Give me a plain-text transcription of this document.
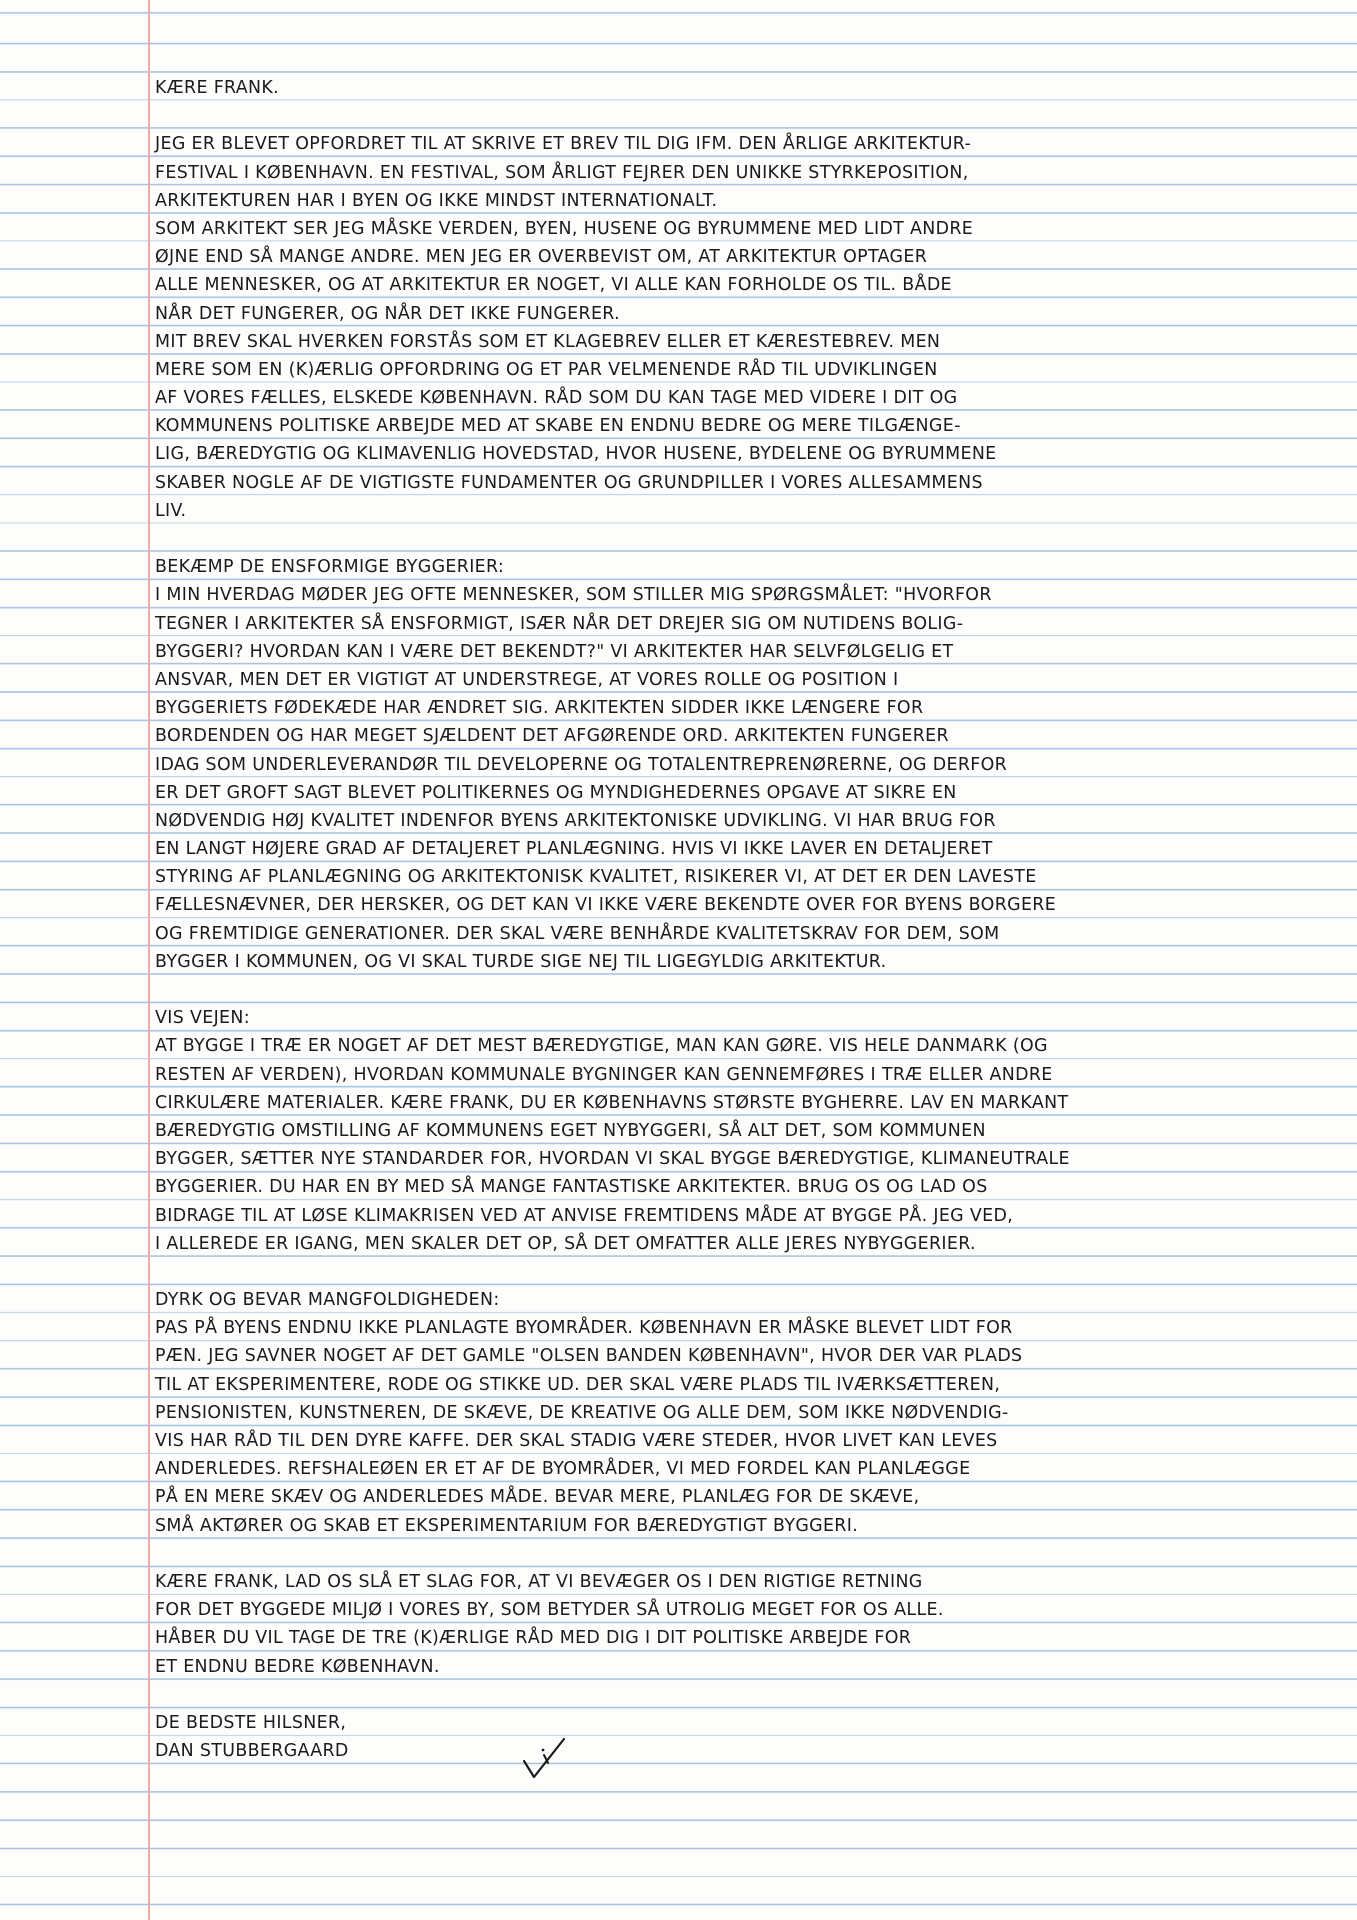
KÆRE FRANK.
JEG ER BLEVET OPFORDRET TIL AT SKRIVE ET BREV TIL DIG IFM. DEN ÅRLIGE ARKITEKTUR-
FESTIVAL I KØBENHAVN. EN FESTIVAL, SOM ÅRLIGT FEJRER DEN UNIKKE STYRKEPOSITION,
ARKITEKTUREN HAR I BYEN OG IKKE MINDST INTERNATIONALT.
SOM ARKITEKT SER JEG MÅSKE VERDEN, BYEN, HUSENE OG BYRUMMENE MED LIDT ANDRE
ØJNE END SÅ MANGE ANDRE. MEN JEG ER OVERBEVIST OM, AT ARKITEKTUR OPTAGER
ALLE MENNESKER, OG AT ARKITEKTUR ER NOGET, VI ALLE KAN FORHOLDE OS TIL. BÅDE
NÅR DET FUNGERER, OG NÅR DET IKKE FUNGERER.
MIT BREV SKAL HVERKEN FORSTÅS SOM ET KLAGEBREV ELLER ET KÆRESTEBREV. MEN
MERE SOM EN (K)ÆRLIG OPFORDRING OG ET PAR VELMENENDE RÅD TIL UDVIKLINGEN
AF VORES FÆLLES, ELSKEDE KØBENHAVN. RÅD SOM DU KAN TAGE MED VIDERE I DIT OG
KOMMUNENS POLITISKE ARBEJDE MED AT SKABE EN ENDNU BEDRE OG MERE TILGÆNGE-
LIG, BÆREDYGTIG OG KLIMAVENLIG HOVEDSTAD, HVOR HUSENE, BYDELENE OG BYRUMMENE
SKABER NOGLE AF DE VIGTIGSTE FUNDAMENTER OG GRUNDPILLER I VORES ALLESAMMENS
LIV.
BEKÆMP DE ENSFORMIGE BYGGERIER:
I MIN HVERDAG MØDER JEG OFTE MENNESKER, SOM STILLER MIG SPØRGSMÅLET: "HVORFOR
TEGNER I ARKITEKTER SÅ ENSFORMIGT, ISÆR NÅR DET DREJER SIG OM NUTIDENS BOLIG-
BYGGERI? HVORDAN KAN I VÆRE DET BEKENDT?" VI ARKITEKTER HAR SELVFØLGELIG ET
ANSVAR, MEN DET ER VIGTIGT AT UNDERSTREGE, AT VORES ROLLE OG POSITION I
BYGGERIETS FØDEKÆDE HAR ÆNDRET SIG. ARKITEKTEN SIDDER IKKE LÆNGERE FOR
BORDENDEN OG HAR MEGET SJÆLDENT DET AFGØRENDE ORD. ARKITEKTEN FUNGERER
IDAG SOM UNDERLEVERANDØR TIL DEVELOPERNE OG TOTALENTREPRENØRERNE, OG DERFOR
ER DET GROFT SAGT BLEVET POLITIKERNES OG MYNDIGHEDERNES OPGAVE AT SIKRE EN
NØDVENDIG HØJ KVALITET INDENFOR BYENS ARKITEKTONISKE UDVIKLING. VI HAR BRUG FOR
EN LANGT HØJERE GRAD AF DETALJERET PLANLÆGNING. HVIS VI IKKE LAVER EN DETALJERET
STYRING AF PLANLÆGNING OG ARKITEKTONISK KVALITET, RISIKERER VI, AT DET ER DEN LAVESTE
FÆLLESNÆVNER, DER HERSKER, OG DET KAN VI IKKE VÆRE BEKENDTE OVER FOR BYENS BORGERE
OG FREMTIDIGE GENERATIONER. DER SKAL VÆRE BENHÅRDE KVALITETSKRAV FOR DEM, SOM
BYGGER I KOMMUNEN, OG VI SKAL TURDE SIGE NEJ TIL LIGEGYLDIG ARKITEKTUR.
VIS VEJEN:
AT BYGGE I TRÆ ER NOGET AF DET MEST BÆREDYGTIGE, MAN KAN GØRE. VIS HELE DANMARK (OG
RESTEN AF VERDEN), HVORDAN KOMMUNALE BYGNINGER KAN GENNEMFØRES I TRÆ ELLER ANDRE
CIRKULÆRE MATERIALER. KÆRE FRANK, DU ER KØBENHAVNS STØRSTE BYGHERRE. LAV EN MARKANT
BÆREDYGTIG OMSTILLING AF KOMMUNENS EGET NYBYGGERI, SÅ ALT DET, SOM KOMMUNEN
BYGGER, SÆTTER NYE STANDARDER FOR, HVORDAN VI SKAL BYGGE BÆREDYGTIGE, KLIMANEUTRALE
BYGGERIER. DU HAR EN BY MED SÅ MANGE FANTASTISKE ARKITEKTER. BRUG OS OG LAD OS
BIDRAGE TIL AT LØSE KLIMAKRISEN VED AT ANVISE FREMTIDENS MÅDE AT BYGGE PÅ. JEG VED,
I ALLEREDE ER IGANG, MEN SKALER DET OP, SÅ DET OMFATTER ALLE JERES NYBYGGERIER.
DYRK OG BEVAR MANGFOLDIGHEDEN:
PAS PÅ BYENS ENDNU IKKE PLANLAGTE BYOMRÅDER. KØBENHAVN ER MÅSKE BLEVET LIDT FOR
PÆN. JEG SAVNER NOGET AF DET GAMLE "OLSEN BANDEN KØBENHAVN", HVOR DER VAR PLADS
TIL AT EKSPERIMENTERE, RODE OG STIKKE UD. DER SKAL VÆRE PLADS TIL IVÆRKSÆTTEREN,
PENSIONISTEN, KUNSTNEREN, DE SKÆVE, DE KREATIVE OG ALLE DEM, SOM IKKE NØDVENDIG-
VIS HAR RÅD TIL DEN DYRE KAFFE. DER SKAL STADIG VÆRE STEDER, HVOR LIVET KAN LEVES
ANDERLEDES. REFSHALEØEN ER ET AF DE BYOMRÅDER, VI MED FORDEL KAN PLANLÆGGE
PÅ EN MERE SKÆV OG ANDERLEDES MÅDE. BEVAR MERE, PLANLÆG FOR DE SKÆVE,
SMÅ AKTØRER OG SKAB ET EKSPERIMENTARIUM FOR BÆREDYGTIGT BYGGERI.
KÆRE FRANK, LAD OS SLÅ ET SLAG FOR, AT VI BEVÆGER OS I DEN RIGTIGE RETNING
FOR DET BYGGEDE MILJØ I VORES BY, SOM BETYDER SÅ UTROLIG MEGET FOR OS ALLE.
HÅBER DU VIL TAGE DE TRE (K)ÆRLIGE RÅD MED DIG I DIT POLITISKE ARBEJDE FOR
ET ENDNU BEDRE KØBENHAVN.
DE BEDSTE HILSNER,
DAN STUBBERGAARD
